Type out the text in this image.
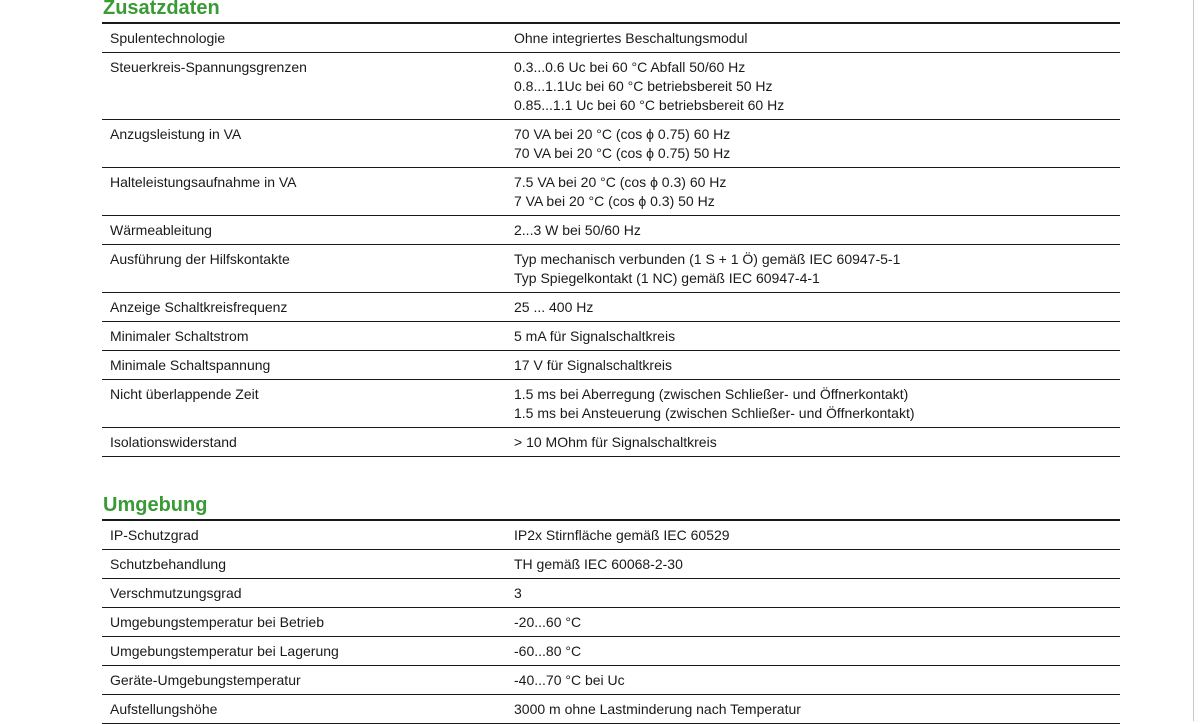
Zusatzdaten
Spulentechnologie	Ohne integriertes Beschaltungsmodul

Steuerkreis-Spannungsgrenzen	0.3...0.6 Uc bei 60 °C Abfall 50/60 Hz
0.8...1.1Uc bei 60 °C betriebsbereit 50 Hz
0.85...1.1 Uc bei 60 °C betriebsbereit 60 Hz

Anzugsleistung in VA	70 VA bei 20 °C (cos ϕ 0.75) 60 Hz
70 VA bei 20 °C (cos ϕ 0.75) 50 Hz

Halteleistungsaufnahme in VA	7.5 VA bei 20 °C (cos ϕ 0.3) 60 Hz
7 VA bei 20 °C (cos ϕ 0.3) 50 Hz

Wärmeableitung	2...3 W bei 50/60 Hz

Ausführung der Hilfskontakte	Typ mechanisch verbunden (1 S + 1 Ö) gemäß IEC 60947-5-1
Typ Spiegelkontakt (1 NC) gemäß IEC 60947-4-1

Anzeige Schaltkreisfrequenz	25 ... 400 Hz

Minimaler Schaltstrom	5 mA für Signalschaltkreis

Minimale Schaltspannung	17 V für Signalschaltkreis

Nicht überlappende Zeit	1.5 ms bei Aberregung (zwischen Schließer- und Öffnerkontakt)
1.5 ms bei Ansteuerung (zwischen Schließer- und Öffnerkontakt)

Isolationswiderstand	> 10 MOhm für Signalschaltkreis
Umgebung
IP-Schutzgrad	IP2x Stirnfläche gemäß IEC 60529

Schutzbehandlung	TH gemäß IEC 60068-2-30

Verschmutzungsgrad	3

Umgebungstemperatur bei Betrieb	-20...60 °C

Umgebungstemperatur bei Lagerung	-60...80 °C

Geräte-Umgebungstemperatur	-40...70 °C bei Uc

Aufstellungshöhe	3000 m ohne Lastminderung nach Temperatur
